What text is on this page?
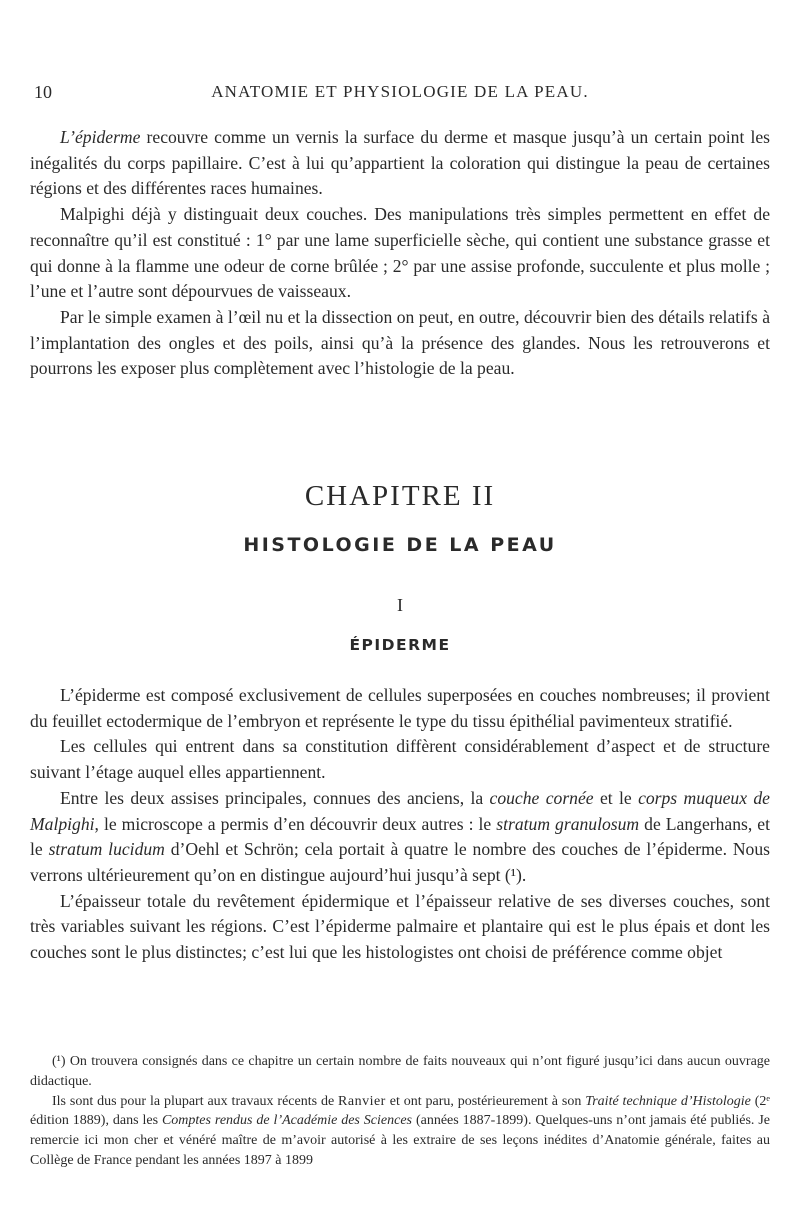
10	ANATOMIE ET PHYSIOLOGIE DE LA PEAU.

L’épiderme recouvre comme un vernis la surface du derme et masque jusqu’à un certain point les inégalités du corps papillaire. C’est à lui qu’appartient la coloration qui distingue la peau de certaines régions et des différentes races humaines.

Malpighi déjà y distinguait deux couches. Des manipulations très simples permettent en effet de reconnaître qu’il est constitué : 1° par une lame superficielle sèche, qui contient une substance grasse et qui donne à la flamme une odeur de corne brûlée ; 2° par une assise profonde, succulente et plus molle ; l’une et l’autre sont dépourvues de vaisseaux.

Par le simple examen à l’œil nu et la dissection on peut, en outre, découvrir bien des détails relatifs à l’implantation des ongles et des poils, ainsi qu’à la présence des glandes. Nous les retrouverons et pourrons les exposer plus complètement avec l’histologie de la peau.

CHAPITRE II
HISTOLOGIE DE LA PEAU
I
ÉPIDERME

L’épiderme est composé exclusivement de cellules superposées en couches nombreuses; il provient du feuillet ectodermique de l’embryon et représente le type du tissu épithélial pavimenteux stratifié.

Les cellules qui entrent dans sa constitution diffèrent considérablement d’aspect et de structure suivant l’étage auquel elles appartiennent.

Entre les deux assises principales, connues des anciens, la couche cornée et le corps muqueux de Malpighi, le microscope a permis d’en découvrir deux autres : le stratum granulosum de Langerhans, et le stratum lucidum d’Oehl et Schrön; cela portait à quatre le nombre des couches de l’épiderme. Nous verrons ultérieurement qu’on en distingue aujourd’hui jusqu’à sept (¹).

L’épaisseur totale du revêtement épidermique et l’épaisseur relative de ses diverses couches, sont très variables suivant les régions. C’est l’épiderme palmaire et plantaire qui est le plus épais et dont les couches sont le plus distinctes; c’est lui que les histologistes ont choisi de préférence comme objet

(¹) On trouvera consignés dans ce chapitre un certain nombre de faits nouveaux qui n’ont figuré jusqu’ici dans aucun ouvrage didactique.

Ils sont dus pour la plupart aux travaux récents de Ranvier et ont paru, postérieurement à son Traité technique d’Histologie (2ᵉ édition 1889), dans les Comptes rendus de l’Académie des Sciences (années 1887-1899). Quelques-uns n’ont jamais été publiés. Je remercie ici mon cher et vénéré maître de m’avoir autorisé à les extraire de ses leçons inédites d’Anatomie générale, faites au Collège de France pendant les années 1897 à 1899
